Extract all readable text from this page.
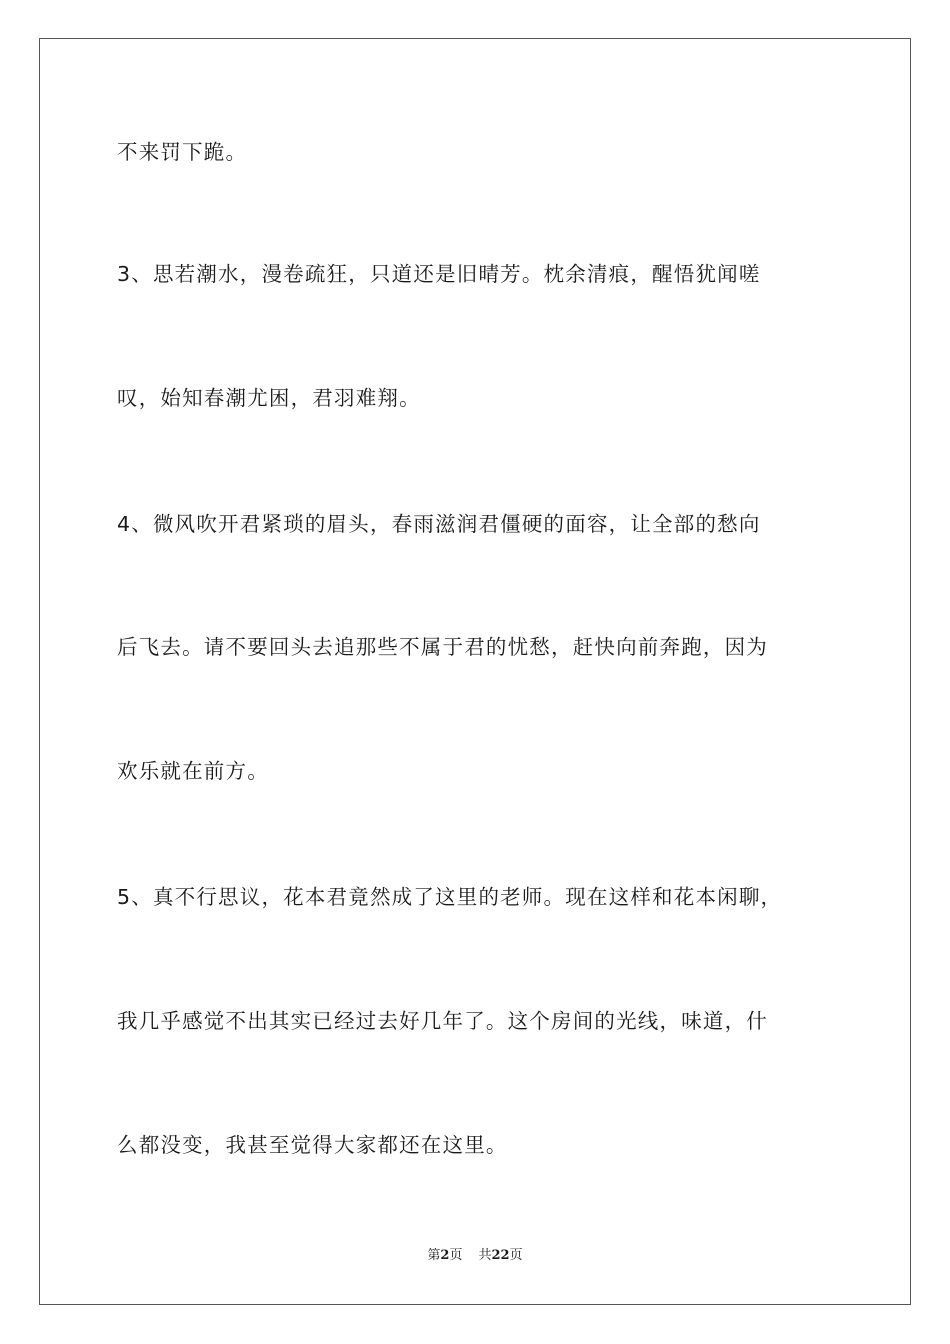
不来罚下跪。
3、思若潮水，漫卷疏狂，只道还是旧晴芳。枕余清痕，醒悟犹闻嗟
叹，始知春潮尤困，君羽难翔。
4、微风吹开君紧琐的眉头，春雨滋润君僵硬的面容，让全部的愁向
后飞去。请不要回头去追那些不属于君的忧愁，赶快向前奔跑，因为
欢乐就在前方。
5、真不行思议，花本君竟然成了这里的老师。现在这样和花本闲聊，
我几乎感觉不出其实已经过去好几年了。这个房间的光线，味道，什
么都没变，我甚至觉得大家都还在这里。
第2页 共22页
